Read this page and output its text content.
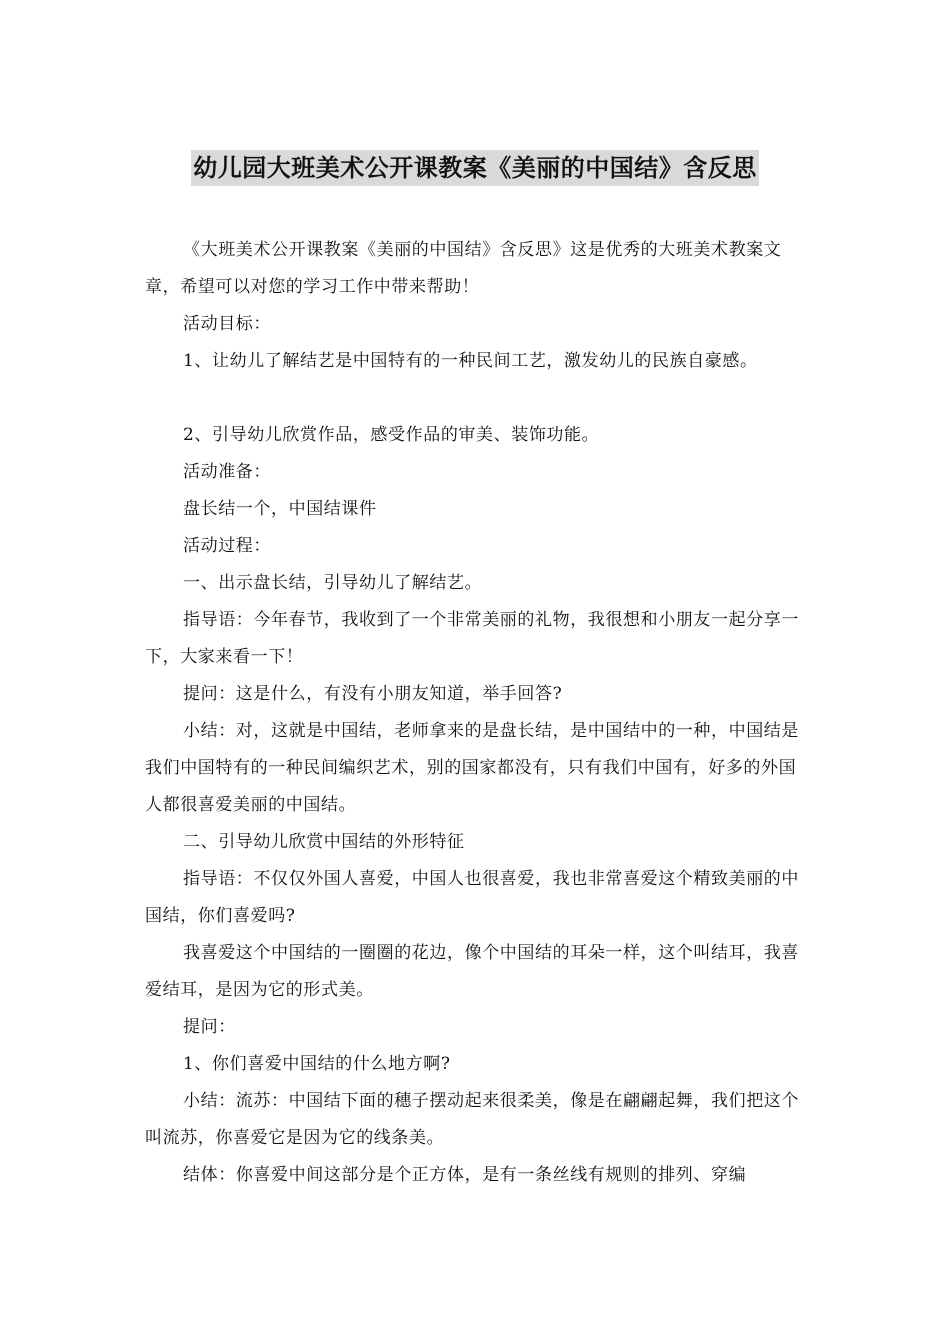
幼儿园大班美术公开课教案《美丽的中国结》含反思

《大班美术公开课教案《美丽的中国结》含反思》这是优秀的大班美术教案文章，希望可以对您的学习工作中带来帮助！

活动目标：

1、让幼儿了解结艺是中国特有的一种民间工艺，激发幼儿的民族自豪感。

2、引导幼儿欣赏作品，感受作品的审美、装饰功能。

活动准备：

盘长结一个，中国结课件

活动过程：

一、出示盘长结，引导幼儿了解结艺。

指导语：今年春节，我收到了一个非常美丽的礼物，我很想和小朋友一起分享一下，大家来看一下！

提问：这是什么，有没有小朋友知道，举手回答?

小结：对，这就是中国结，老师拿来的是盘长结，是中国结中的一种，中国结是我们中国特有的一种民间编织艺术，别的国家都没有，只有我们中国有，好多的外国人都很喜爱美丽的中国结。

二、引导幼儿欣赏中国结的外形特征

指导语：不仅仅外国人喜爱，中国人也很喜爱，我也非常喜爱这个精致美丽的中国结，你们喜爱吗?

我喜爱这个中国结的一圈圈的花边，像个中国结的耳朵一样，这个叫结耳，我喜爱结耳，是因为它的形式美。

提问：

1、你们喜爱中国结的什么地方啊?

小结：流苏：中国结下面的穗子摆动起来很柔美，像是在翩翩起舞，我们把这个叫流苏，你喜爱它是因为它的线条美。

结体：你喜爱中间这部分是个正方体，是有一条丝线有规则的排列、穿编
